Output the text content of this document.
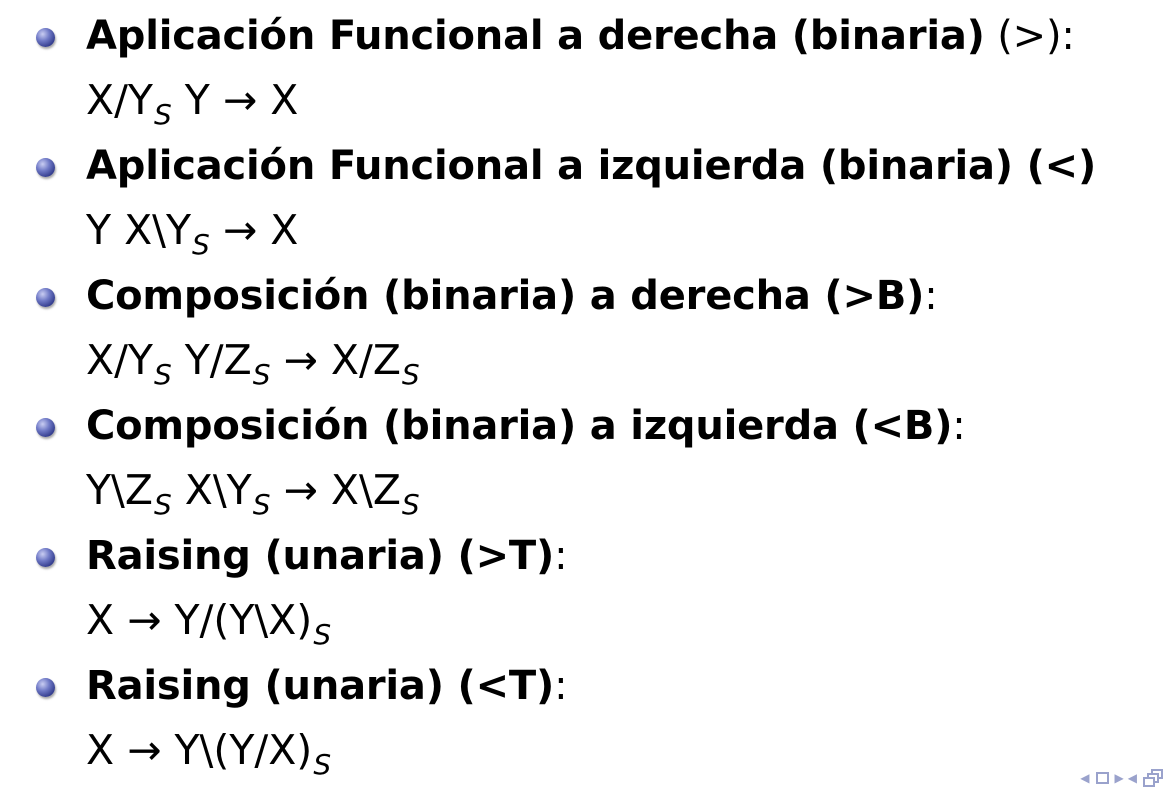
Aplicación Funcional a derecha (binaria) (>):
$X/Y_S$ Y → X
Aplicación Funcional a izquierda (binaria) (<)
Y $X\backslash Y_S \to X$
Composición (binaria) a derecha (>B):
$X/Y_S$ $Y/Z_S \to X/Z_S$
Composición (binaria) a izquierda (<B):
$Y\backslash Z_S$ $X\backslash Y_S$ → $X\backslash Z_S$
Raising (unaria) (>T):
$X \to Y/(Y\backslash X)_S$
Raising (unaria) (<T):
$X \to Y\backslash(Y/X)_S$	◀ ▶ ◀
